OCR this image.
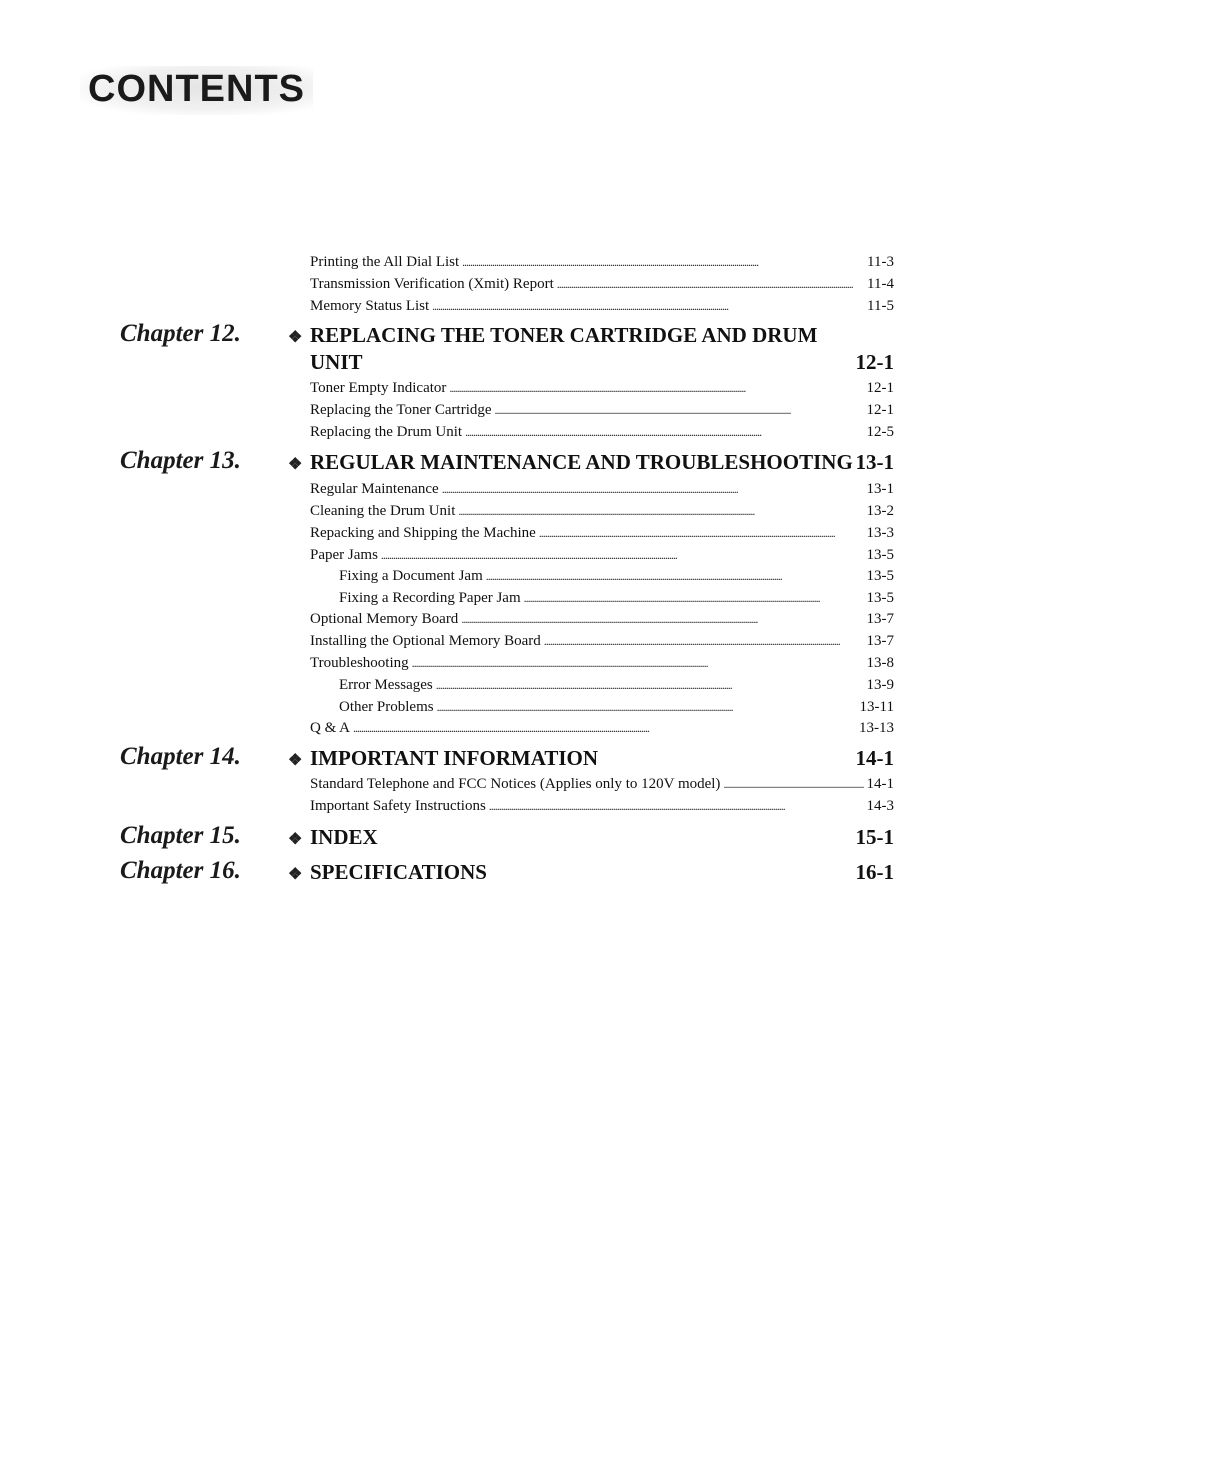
CONTENTS
Printing the All Dial List . . .	11-3
Transmission Verification (Xmit) Report . . .	11-4
Memory Status List . . .	11-5
Chapter 12.	❖ REPLACING THE TONER CARTRIDGE AND DRUM
UNIT	12-1
Toner Empty Indicator . . .	12-1
Replacing the Toner Cartridge . . .	12-1
Replacing the Drum Unit . . .	12-5
Chapter 13.	❖ REGULAR MAINTENANCE AND TROUBLESHOOTING 13-1
Regular Maintenance . . .	13-1
Cleaning the Drum Unit . . .	13-2
Repacking and Shipping the Machine . . .	13-3
Paper Jams . . .	13-5
Fixing a Document Jam . . .	13-5
Fixing a Recording Paper Jam . . .	13-5
Optional Memory Board . . .	13-7
Installing the Optional Memory Board . . .	13-7
Troubleshooting . . .	13-8
Error Messages . . .	13-9
Other Problems . . .	13-11
Q & A . . .	13-13
Chapter 14.	❖ IMPORTANT INFORMATION	14-1
Standard Telephone and FCC Notices (Applies only to 120V model) . . .	14-1
Important Safety Instructions . . .	14-3
Chapter 15.	❖ INDEX	15-1
Chapter 16.	❖ SPECIFICATIONS	16-1
